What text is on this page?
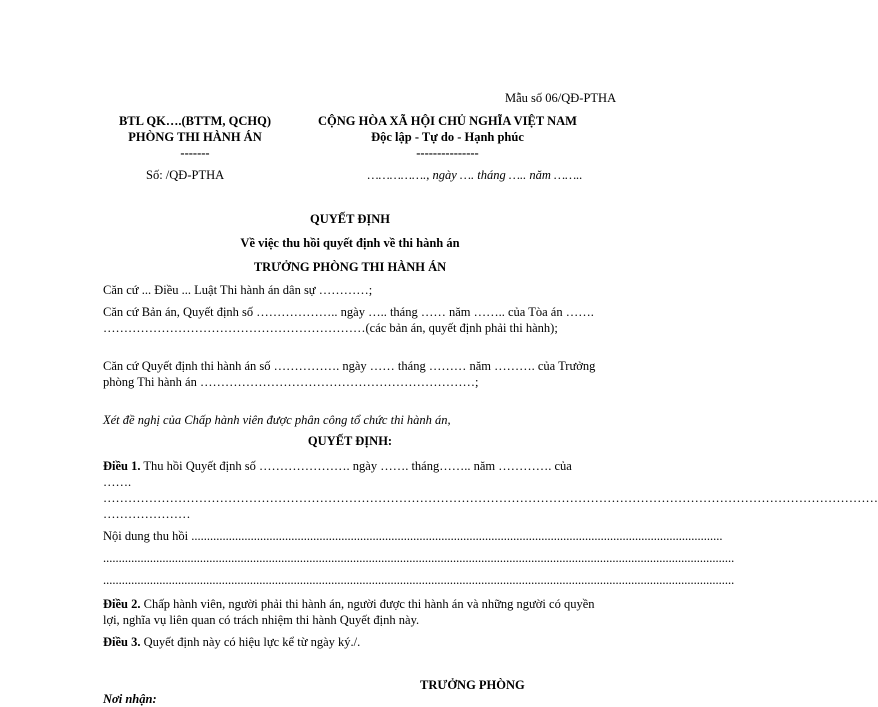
Mẫu số 06/QĐ-PTHA
BTL QK….(BTTM, QCHQ)
PHÒNG THI HÀNH ÁN
-------
Số: /QĐ-PTHA
CỘNG HÒA XÃ HỘI CHỦ NGHĨA VIỆT NAM
Độc lập - Tự do - Hạnh phúc
---------------
……………., ngày …. tháng ….. năm ……..
QUYẾT ĐỊNH
Về việc thu hồi quyết định về thi hành án
TRƯỞNG PHÒNG THI HÀNH ÁN
Căn cứ ... Điều ... Luật Thi hành án dân sự …………;
Căn cứ Bản án, Quyết định số ……………….. ngày ….. tháng …… năm …….. của Tòa án ……. ………………………………………………………(các bản án, quyết định phải thi hành);
Căn cứ Quyết định thi hành án số ……………. ngày …… tháng ……… năm ………. của Trưởng phòng Thi hành án …………………………………………………………;
Xét đề nghị của Chấp hành viên được phân công tổ chức thi hành án,
QUYẾT ĐỊNH:
Điều 1. Thu hồi Quyết định số …………………. ngày ……. tháng…….. năm …………. của …….
……………………………………………………………………………………………………………………………………………………………………
…………………
Nội dung thu hồi ..........................................................................................................................................................................
..........................................................................................................................................................................................................
..........................................................................................................................................................................................................
Điều 2. Chấp hành viên, người phải thi hành án, người được thi hành án và những người có quyền lợi, nghĩa vụ liên quan có trách nhiệm thi hành Quyết định này.
Điều 3. Quyết định này có hiệu lực kể từ ngày ký./.
TRƯỞNG PHÒNG
Nơi nhận:
